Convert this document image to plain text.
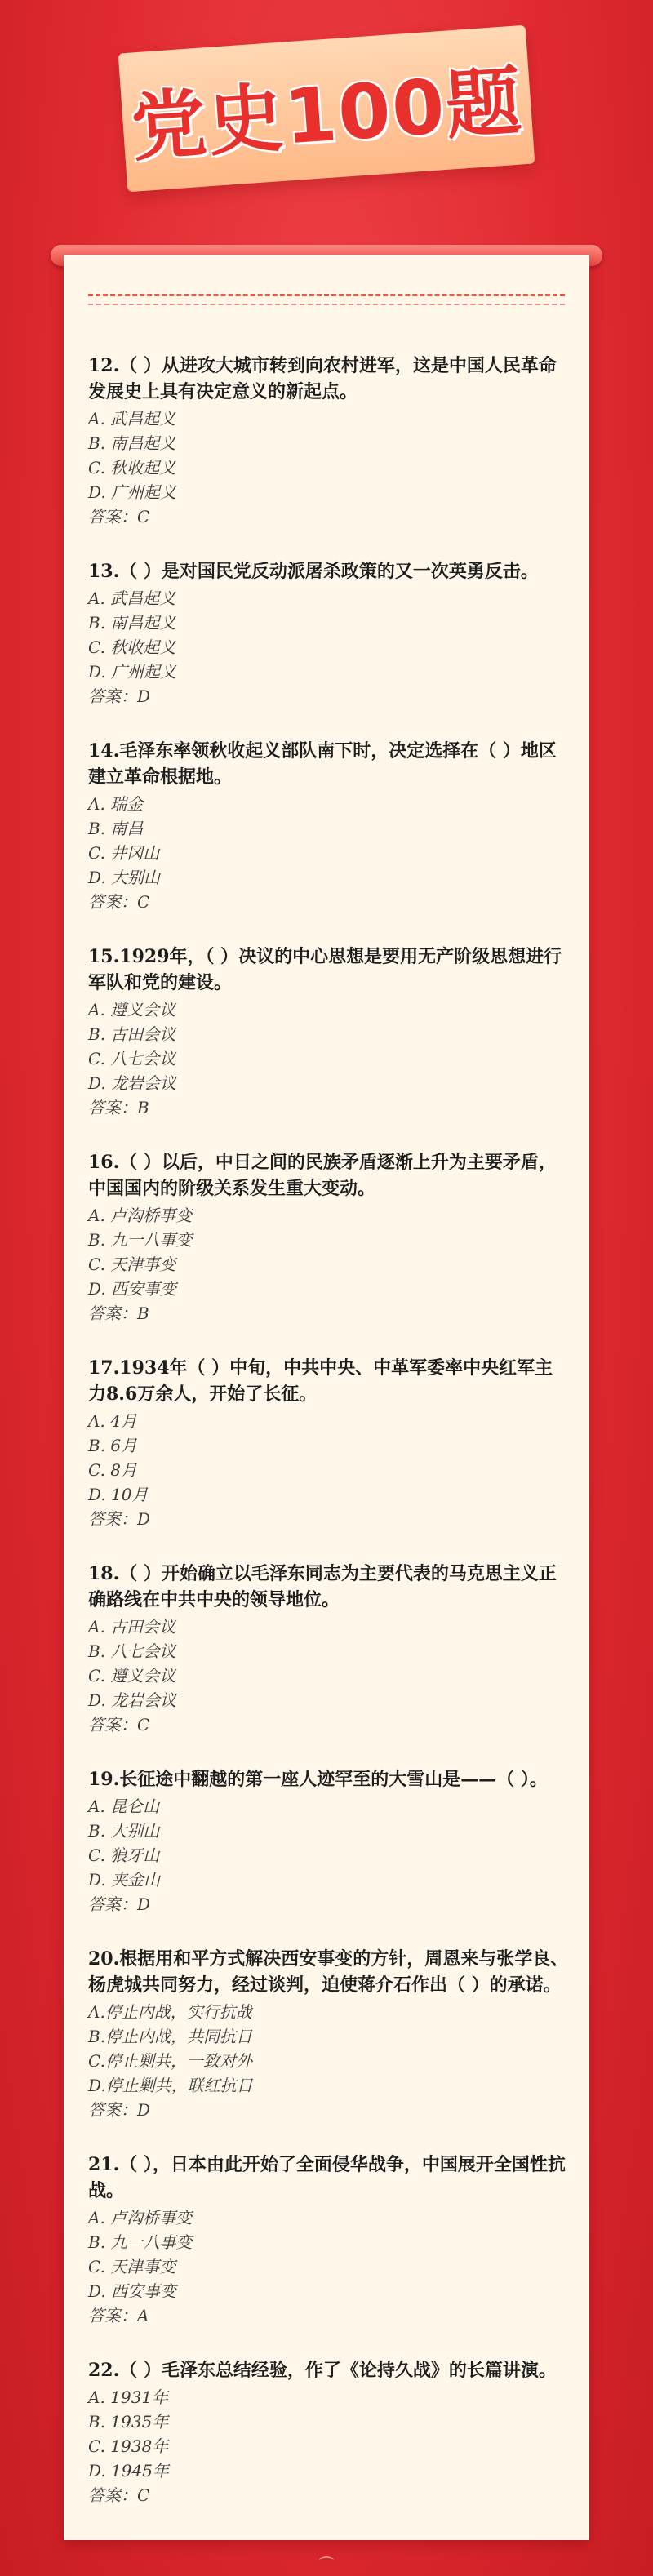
党史100题

12.（ ）从进攻大城市转到向农村进军，这是中国人民革命发展史上具有决定意义的新起点。

A. 武昌起义
B. 南昌起义
C. 秋收起义
D. 广州起义
答案：C

13.（ ）是对国民党反动派屠杀政策的又一次英勇反击。

A. 武昌起义
B. 南昌起义
C. 秋收起义
D. 广州起义
答案：D

14.毛泽东率领秋收起义部队南下时，决定选择在（ ）地区建立革命根据地。

A. 瑞金
B. 南昌
C. 井冈山
D. 大别山
答案：C

15.1929年，（ ）决议的中心思想是要用无产阶级思想进行军队和党的建设。

A. 遵义会议
B. 古田会议
C. 八七会议
D. 龙岩会议
答案：B

16.（ ）以后，中日之间的民族矛盾逐渐上升为主要矛盾，中国国内的阶级关系发生重大变动。

A. 卢沟桥事变
B. 九一八事变
C. 天津事变
D. 西安事变
答案：B

17.1934年（ ）中旬，中共中央、中革军委率中央红军主力8.6万余人，开始了长征。

A. 4月
B. 6月
C. 8月
D. 10月
答案：D

18.（ ）开始确立以毛泽东同志为主要代表的马克思主义正确路线在中共中央的领导地位。

A. 古田会议
B. 八七会议
C. 遵义会议
D. 龙岩会议
答案：C

19.长征途中翻越的第一座人迹罕至的大雪山是——（ ）。

A. 昆仑山
B. 大别山
C. 狼牙山
D. 夹金山
答案：D

20.根据用和平方式解决西安事变的方针，周恩来与张学良、杨虎城共同努力，经过谈判，迫使蒋介石作出（ ）的承诺。

A.停止内战，实行抗战
B.停止内战，共同抗日
C.停止剿共，一致对外
D.停止剿共，联红抗日
答案：D

21.（ ），日本由此开始了全面侵华战争，中国展开全国性抗战。

A. 卢沟桥事变
B. 九一八事变
C. 天津事变
D. 西安事变
答案：A

22.（ ）毛泽东总结经验，作了《论持久战》的长篇讲演。

A. 1931年
B. 1935年
C. 1938年
D. 1945年
答案：C
⌒
